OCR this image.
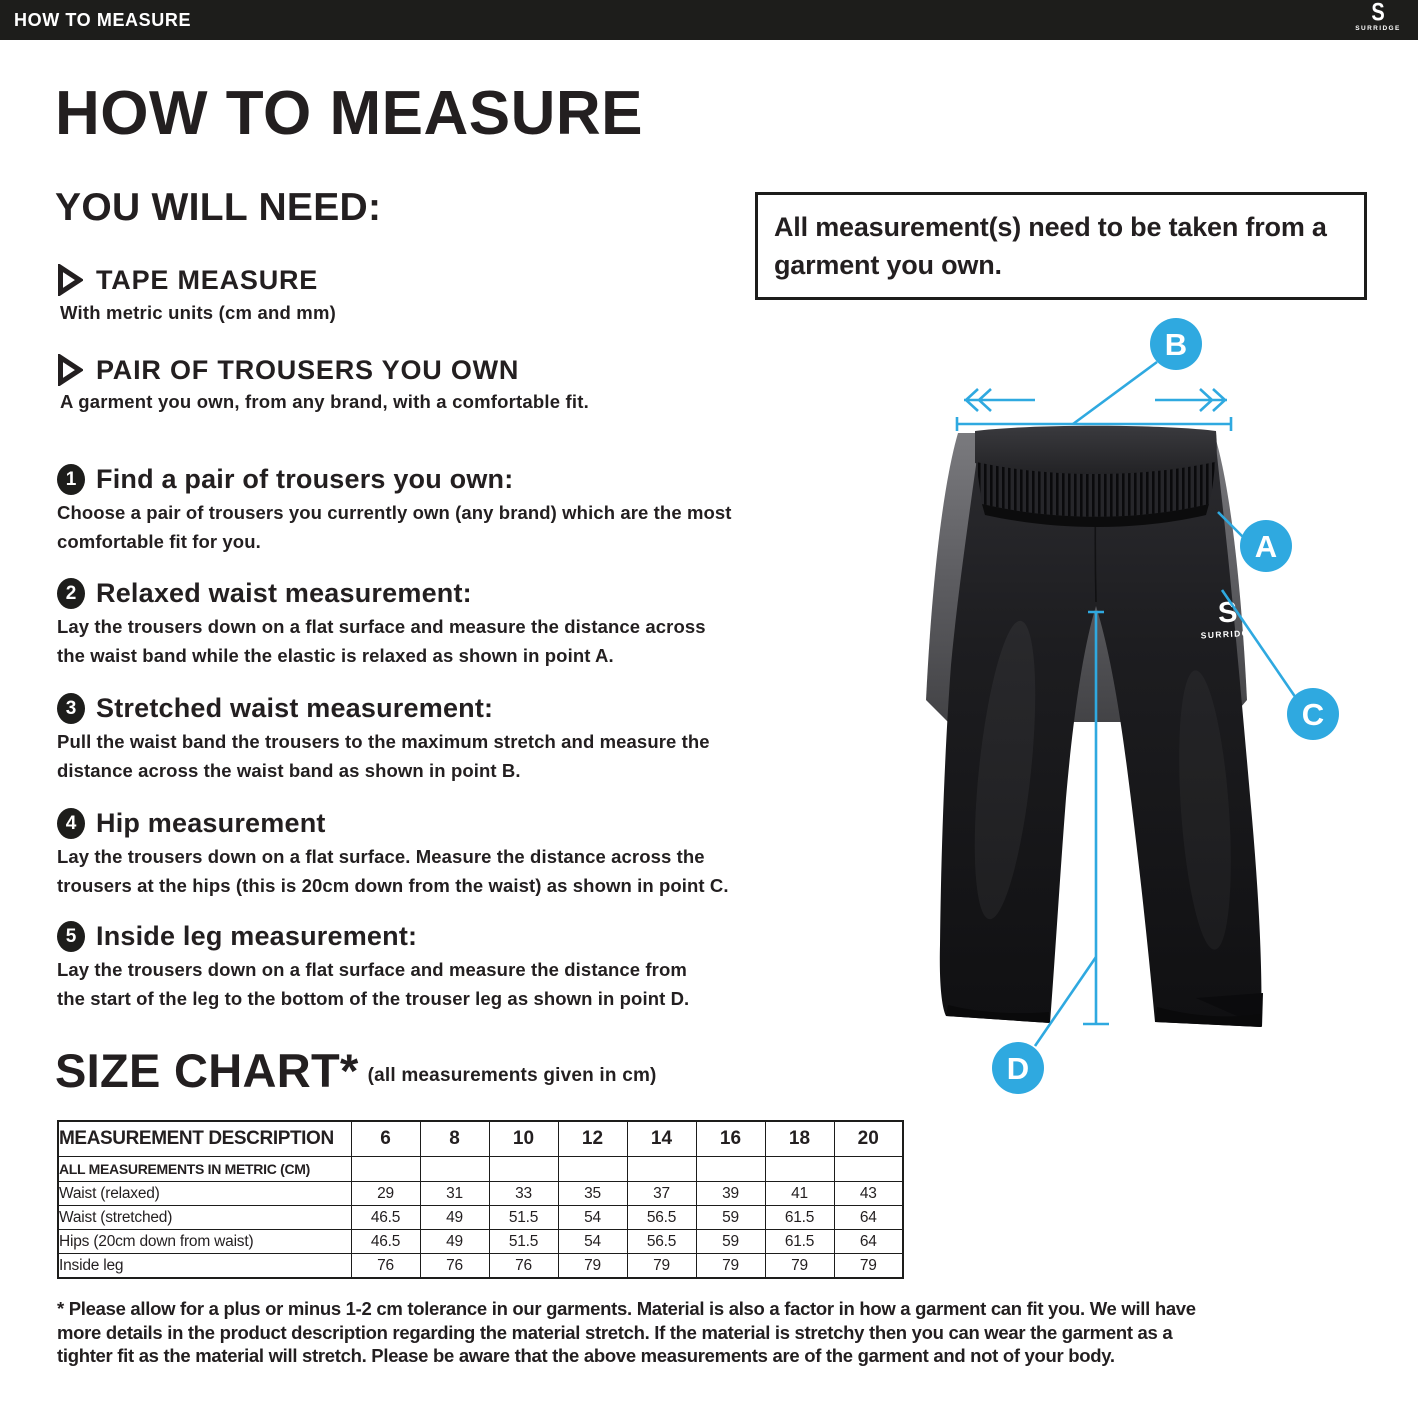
HOW TO MEASURE	S
SURRIDGE
HOW TO MEASURE
YOU WILL NEED:
TAPE MEASURE
With metric units (cm and mm)
PAIR OF TROUSERS YOU OWN
A garment you own, from any brand, with a comfortable fit.
1 Find a pair of trousers you own:
Choose a pair of trousers you currently own (any brand) which are the most
comfortable fit for you.
2 Relaxed waist measurement:
Lay the trousers down on a flat surface and measure the distance across
the waist band while the elastic is relaxed as shown in point A.
3 Stretched waist measurement:
Pull the waist band the trousers to the maximum stretch and measure the
distance across the waist band as shown in point B.
4 Hip measurement
Lay the trousers down on a flat surface. Measure the distance across the
trousers at the hips (this is 20cm down from the waist) as shown in point C.
5 Inside leg measurement:
Lay the trousers down on a flat surface and measure the distance from
the start of the leg to the bottom of the trouser leg as shown in point D.
All measurement(s) need to be taken from a
garment you own.
SIZE CHART* (all measurements given in cm)
MEASUREMENT DESCRIPTION	6	8	10	12	14	16	18	20
ALL MEASUREMENTS IN METRIC (CM)								
Waist (relaxed)	29	31	33	35	37	39	41	43
Waist (stretched)	46.5	49	51.5	54	56.5	59	61.5	64
Hips (20cm down from waist)	46.5	49	51.5	54	56.5	59	61.5	64
Inside leg	76	76	76	79	79	79	79	79
* Please allow for a plus or minus 1-2 cm tolerance in our garments. Material is also a factor in how a garment can fit you. We will have
more details in the product description regarding the material stretch. If the material is stretchy then you can wear the garment as a
tighter fit as the material will stretch. Please be aware that the above measurements are of the garment and not of your body.
S
SURRIDGE
B
A
C
D
